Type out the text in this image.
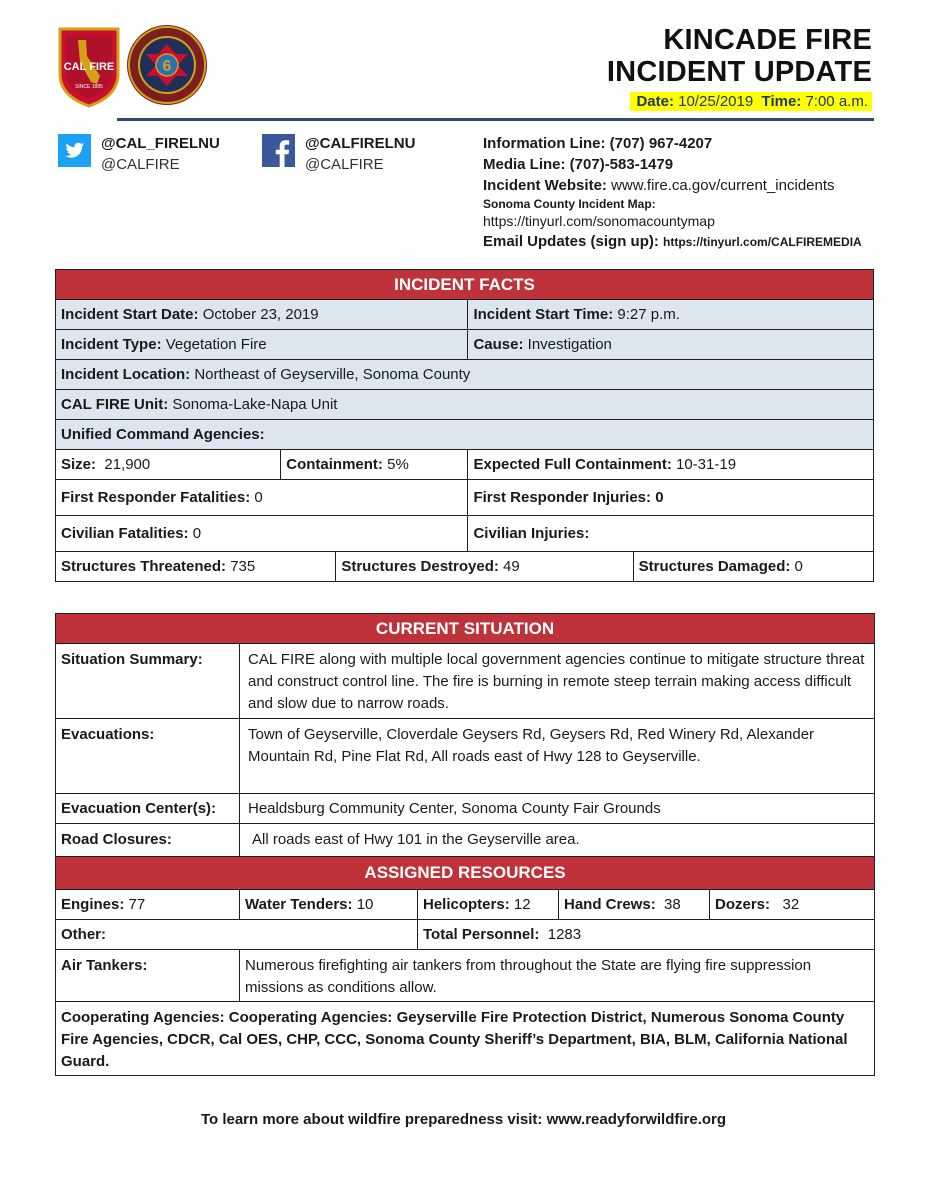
CAL FIRE
SINCE 1885
6
KINCADE FIRE
INCIDENT UPDATE
Date: 10/25/2019 Time: 7:00 a.m.
@CAL_FIRELNU
@CALFIRE
@CALFIRELNU
@CALFIRE
Information Line: (707) 967-4207
Media Line: (707)-583-1479
Incident Website: www.fire.ca.gov/current_incidents
Sonoma County Incident Map:
https://tinyurl.com/sonomacountymap
Email Updates (sign up): https://tinyurl.com/CALFIREMEDIA
INCIDENT FACTS				
Incident Start Date: October 23, 2019			Incident Start Time: 9:27 p.m.	
Incident Type: Vegetation Fire			Cause: Investigation	
Incident Location: Northeast of Geyserville, Sonoma County				
CAL FIRE Unit: Sonoma-Lake-Napa Unit				
Unified Command Agencies:				
Size: 21,900	Containment: 5%		Expected Full Containment: 10-31-19	
First Responder Fatalities: 0			First Responder Injuries: 0	
Civilian Fatalities: 0			Civilian Injuries:	
Structures Threatened: 735		Structures Destroyed: 49		Structures Damaged: 0
CURRENT SITUATION				
Situation Summary:	CAL FIRE along with multiple local government agencies continue to mitigate structure threat and construct control line. The fire is burning in remote steep terrain making access difficult and slow due to narrow roads.			
Evacuations:	Town of Geyserville, Cloverdale Geysers Rd, Geysers Rd, Red Winery Rd, Alexander Mountain Rd, Pine Flat Rd, All roads east of Hwy 128 to Geyserville.			
Evacuation Center(s):	Healdsburg Community Center, Sonoma County Fair Grounds			
Road Closures:	All roads east of Hwy 101 in the Geyserville area.			
ASSIGNED RESOURCES				
Engines: 77	Water Tenders: 10	Helicopters: 12	Hand Crews: 38	Dozers: 32
Other:		Total Personnel: 1283		
Air Tankers:	Numerous firefighting air tankers from throughout the State are flying fire suppression missions as conditions allow.			
Cooperating Agencies: Cooperating Agencies: Geyserville Fire Protection District, Numerous Sonoma County Fire Agencies, CDCR, Cal OES, CHP, CCC, Sonoma County Sheriff’s Department, BIA, BLM, California National Guard.				
To learn more about wildfire preparedness visit: www.readyforwildfire.org
